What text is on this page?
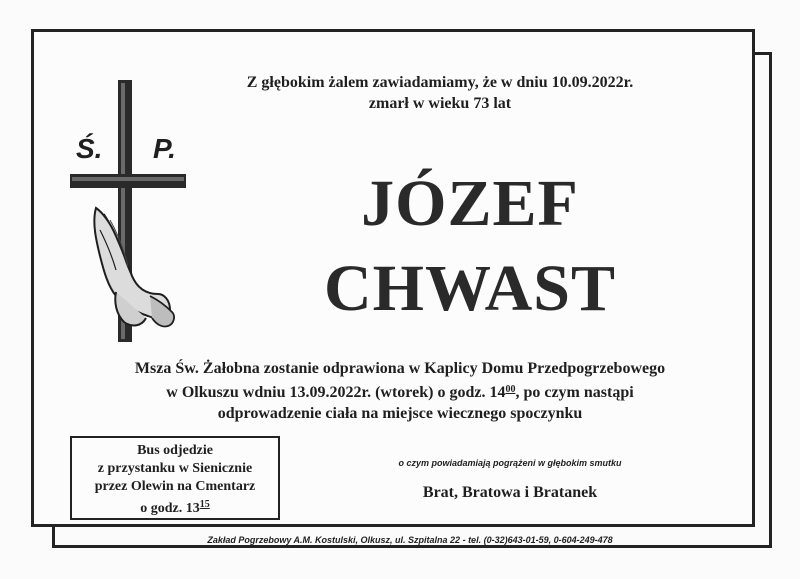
Ś. P.
Z głębokim żalem zawiadamiamy, że w dniu 10.09.2022r.
zmarł w wieku 73 lat
JÓZEF
CHWAST
Msza Św. Żałobna zostanie odprawiona w Kaplicy Domu Przedpogrzebowego
w Olkuszu wdniu 13.09.2022r. (wtorek) o godz. $14^{00}$, po czym nastąpi
odprowadzenie ciała na miejsce wiecznego spoczynku
Bus odjedzie
z przystanku w Sienicznie
przez Olewin na Cmentarz
o godz. $13^{15}$
o czym powiadamiają pogrążeni w głębokim smutku
Brat, Bratowa i Bratanek
Zakład Pogrzebowy A.M. Kostulski, Olkusz, ul. Szpitalna 22 - tel. (0-32)643-01-59, 0-604-249-478
